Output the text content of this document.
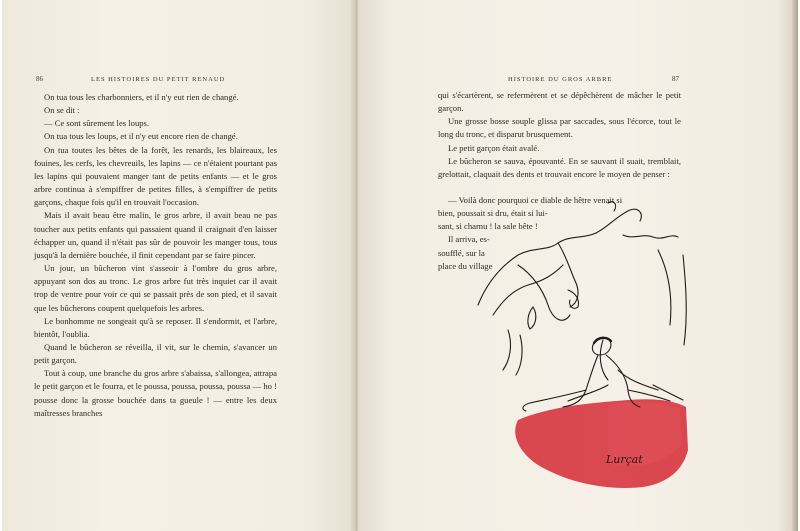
86	LES HISTOIRES DU PETIT RENAUD

On tua tous les charbonniers, et il n'y eut rien de changé.

On se dit :

— Ce sont sûrement les loups.

On tua tous les loups, et il n'y eut encore rien de changé.

On tua toutes les bêtes de la forêt, les renards, les blaireaux, les fouines, les cerfs, les chevreuils, les lapins — ce n'étaient pourtant pas les lapins qui pouvaient manger tant de petits enfants — et le gros arbre continua à s'empiffrer de petites filles, à s'empiffrer de petits garçons, chaque fois qu'il en trouvait l'occasion.

Mais il avait beau être malin, le gros arbre, il avait beau ne pas toucher aux petits enfants qui passaient quand il craignait d'en laisser échapper un, quand il n'était pas sûr de pouvoir les manger tous, tous jusqu'à la dernière bouchée, il finit cependant par se faire pincer.

Un jour, un bûcheron vint s'asseoir à l'ombre du gros arbre, appuyant son dos au tronc. Le gros arbre fut très inquiet car il avait trop de ventre pour voir ce qui se passait près de son pied, et il savait que les bûcherons coupent quelquefois les arbres.

Le bonhomme ne songeait qu'à se reposer. Il s'endormit, et l'arbre, bientôt, l'oublia.

Quand le bûcheron se réveilla, il vit, sur le chemin, s'avancer un petit garçon.

Tout à coup, une branche du gros arbre s'abaissa, s'allongea, attrapa le petit garçon et le fourra, et le poussa, poussa, poussa, poussa — ho ! pousse donc la grosse bouchée dans ta gueule ! — entre les deux maîtresses branches

HISTOIRE DU GROS ARBRE	87

qui s'écartèrent, se refermèrent et se dépêchèrent de mâcher le petit garçon.

Une grosse bosse souple glissa par saccades, sous l'écorce, tout le long du tronc, et disparut brusquement.

Le petit garçon était avalé.

Le bûcheron se sauva, épouvanté. En se sauvant il suait, tremblait, grelottait, claquait des dents et trouvait encore le moyen de penser :

— Voilà donc pourquoi ce diable de hêtre venait si

bien, poussait si dru, était si lui-

sant, si charnu ! la sale bête !

Il arriva, es-

soufflé, sur la

place du village

Lurçat
